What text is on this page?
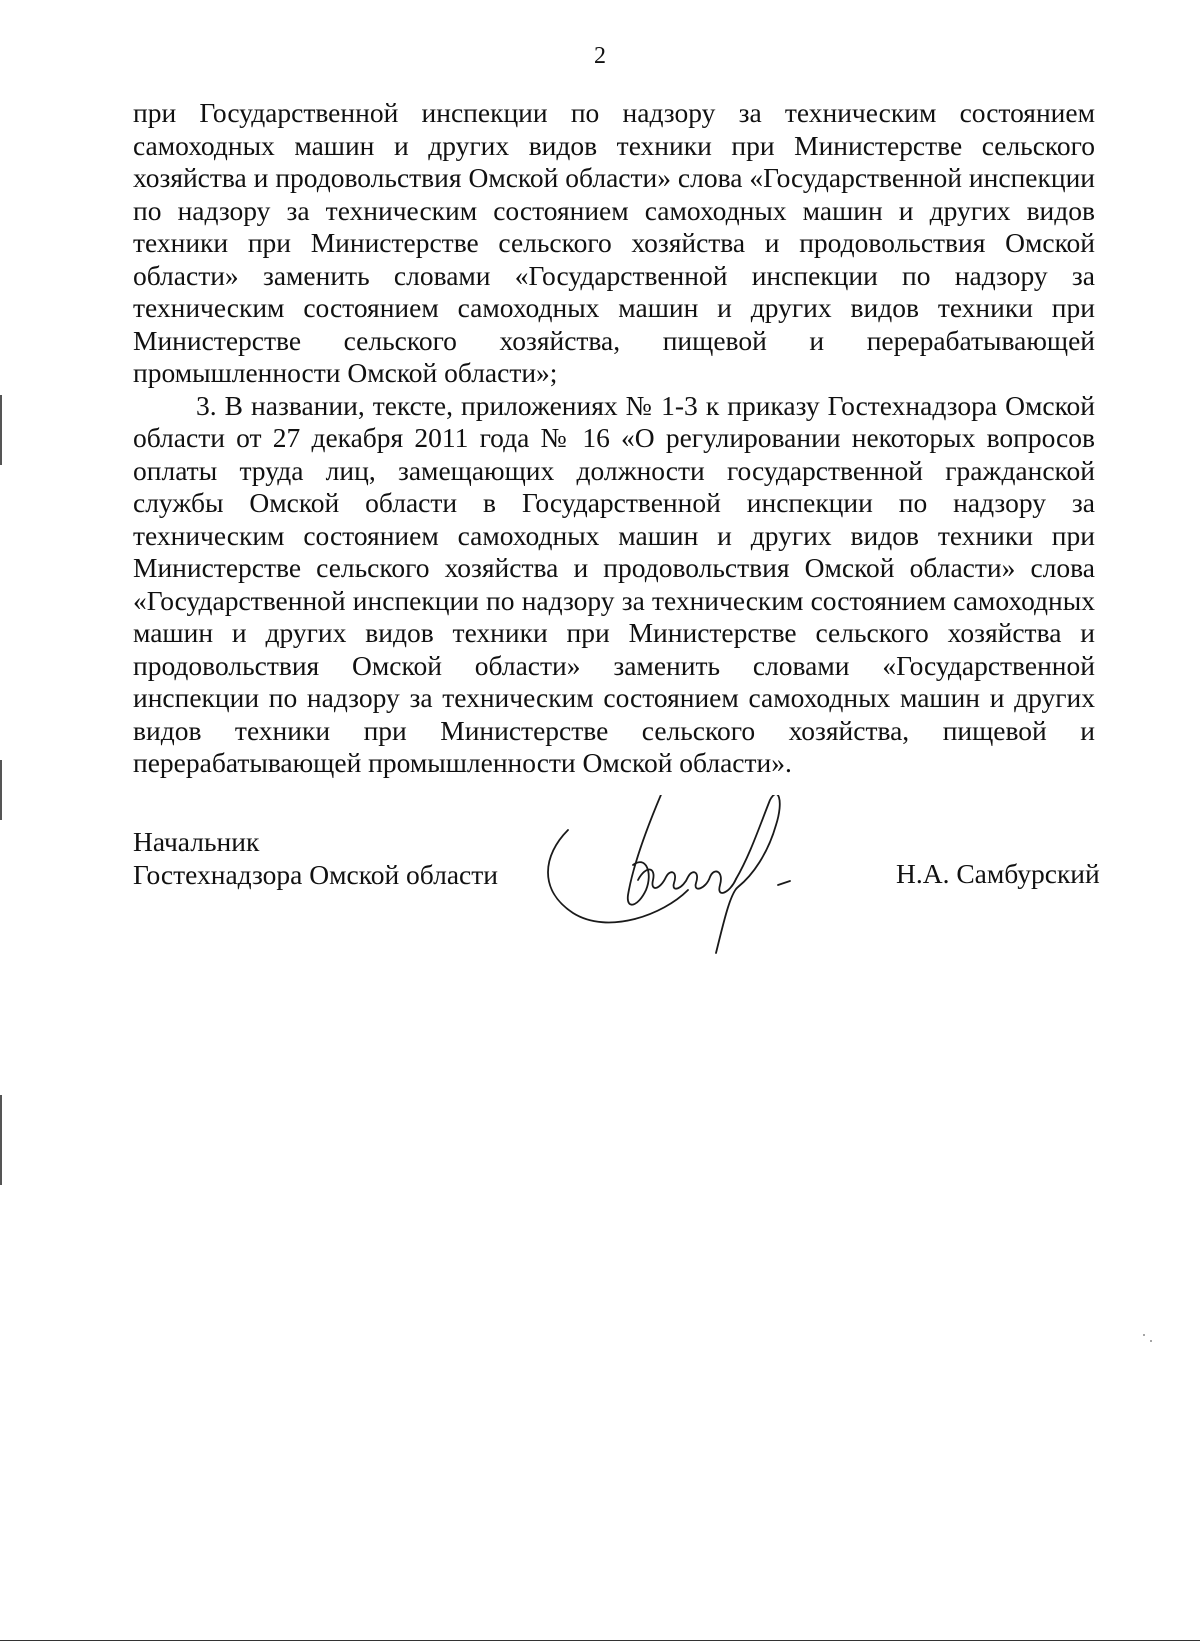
2

при Государственной инспекции по надзору за техническим состоянием самоходных машин и других видов техники при Министерстве сельского хозяйства и продовольствия Омской области» слова «Государственной инспекции по надзору за техническим состоянием самоходных машин и других видов техники при Министерстве сельского хозяйства и продовольствия Омской области» заменить словами «Государственной инспекции по надзору за техническим состоянием самоходных машин и других видов техники при Министерстве сельского хозяйства, пищевой и перерабатывающей промышленности Омской области»;

3. В названии, тексте, приложениях № 1-3 к приказу Гостехнадзора Омской области от 27 декабря 2011 года № 16 «О регулировании некоторых вопросов оплаты труда лиц, замещающих должности государственной гражданской службы Омской области в Государственной инспекции по надзору за техническим состоянием самоходных машин и других видов техники при Министерстве сельского хозяйства и продовольствия Омской области» слова «Государственной инспекции по надзору за техническим состоянием самоходных машин и других видов техники при Министерстве сельского хозяйства и продовольствия Омской области» заменить словами «Государственной инспекции по надзору за техническим состоянием самоходных машин и других видов техники при Министерстве сельского хозяйства, пищевой и перерабатывающей промышленности Омской области».

Начальник
Гостехнадзора Омской области	Н.А. Самбурский
